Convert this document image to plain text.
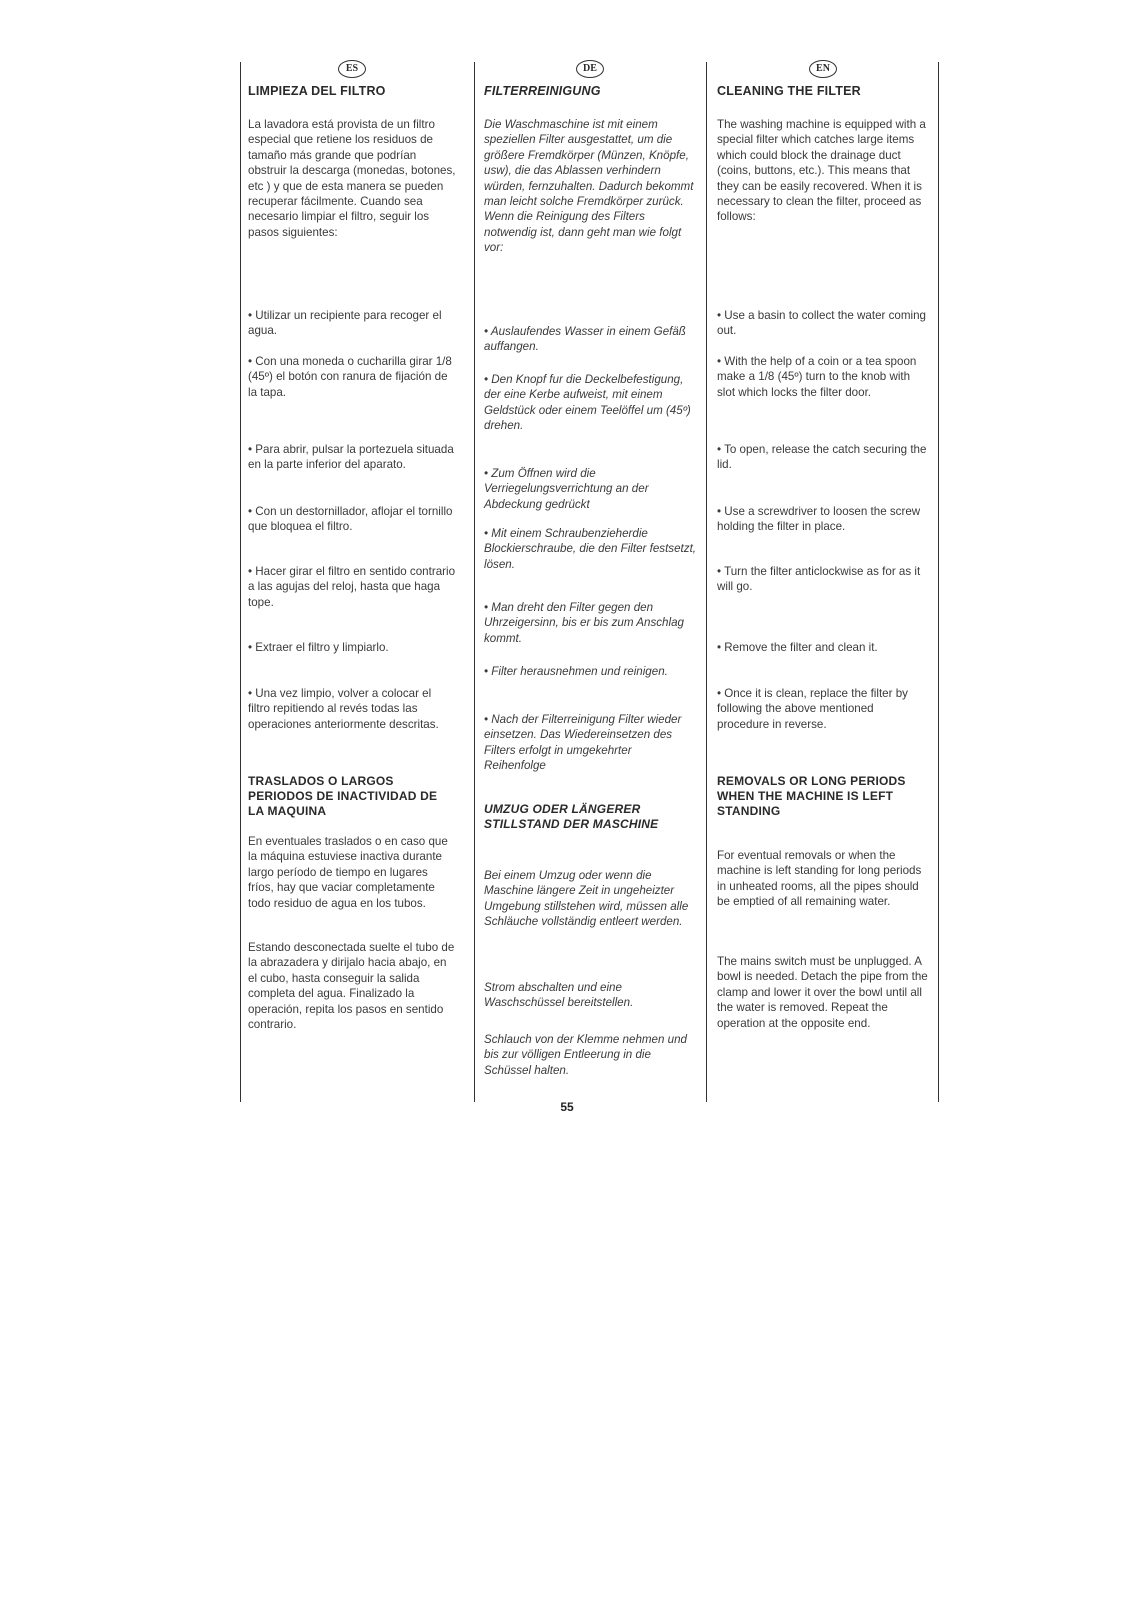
ES
LIMPIEZA DEL FILTRO

La lavadora está provista de un filtro especial que retiene los residuos de tamaño más grande que podrían obstruir la descarga (monedas, botones, etc ) y que de esta manera se pueden recuperar fácilmente. Cuando sea necesario limpiar el filtro, seguir los pasos siguientes:

• Utilizar un recipiente para recoger el agua.

• Con una moneda o cucharilla girar 1/8 (45º) el botón con ranura de fijación de la tapa.

• Para abrir, pulsar la portezuela situada en la parte inferior del aparato.

• Con un destornillador, aflojar el tornillo que bloquea el filtro.

• Hacer girar el filtro en sentido contrario a las agujas del reloj, hasta que haga tope.

• Extraer el filtro y limpiarlo.

• Una vez limpio, volver a colocar el filtro repitiendo al revés todas las operaciones anteriormente descritas.

TRASLADOS O LARGOS PERIODOS DE INACTIVIDAD DE LA MAQUINA

En eventuales traslados o en caso que la máquina estuviese inactiva durante largo período de tiempo en lugares fríos, hay que vaciar completamente todo residuo de agua en los tubos.

Estando desconectada suelte el tubo de la abrazadera y dirijalo hacia abajo, en el cubo, hasta conseguir la salida completa del agua. Finalizado la operación, repita los pasos en sentido contrario.

DE
FILTERREINIGUNG

Die Waschmaschine ist mit einem speziellen Filter ausgestattet, um die größere Fremdkörper (Münzen, Knöpfe, usw), die das Ablassen verhindern würden, fernzuhalten. Dadurch bekommt man leicht solche Fremdkörper zurück. Wenn die Reinigung des Filters notwendig ist, dann geht man wie folgt vor:

• Auslaufendes Wasser in einem Gefäß auffangen.

• Den Knopf fur die Deckelbefestigung, der eine Kerbe aufweist, mit einem Geldstück oder einem Teelöffel um (45º) drehen.

• Zum Öffnen wird die Verriegelungsverrichtung an der Abdeckung gedrückt

• Mit einem Schraubenzieherdie Blockierschraube, die den Filter festsetzt, lösen.

• Man dreht den Filter gegen den Uhrzeigersinn, bis er bis zum Anschlag kommt.

• Filter herausnehmen und reinigen.

• Nach der Filterreinigung Filter wieder einsetzen. Das Wiedereinsetzen des Filters erfolgt in umgekehrter Reihenfolge

UMZUG ODER LÄNGERER STILLSTAND DER MASCHINE

Bei einem Umzug oder wenn die Maschine längere Zeit in ungeheizter Umgebung stillstehen wird, müssen alle Schläuche vollständig entleert werden.

Strom abschalten und eine Waschschüssel bereitstellen.

Schlauch von der Klemme nehmen und bis zur völligen Entleerung in die Schüssel halten.

EN
CLEANING THE FILTER

The washing machine is equipped with a special filter which catches large items which could block the drainage duct (coins, buttons, etc.). This means that they can be easily recovered. When it is necessary to clean the filter, proceed as follows:

• Use a basin to collect the water coming out.

• With the help of a coin or a tea spoon make a 1/8 (45º) turn to the knob with slot which locks the filter door.

• To open, release the catch securing the lid.

• Use a screwdriver to loosen the screw holding the filter in place.

• Turn the filter anticlockwise as for as it will go.

• Remove the filter and clean it.

• Once it is clean, replace the filter by following the above mentioned procedure in reverse.

REMOVALS OR LONG PERIODS WHEN THE MACHINE IS LEFT STANDING

For eventual removals or when the machine is left standing for long periods in unheated rooms, all the pipes should be emptied of all remaining water.

The mains switch must be unplugged. A bowl is needed. Detach the pipe from the clamp and lower it over the bowl until all the water is removed. Repeat the operation at the opposite end.

55
